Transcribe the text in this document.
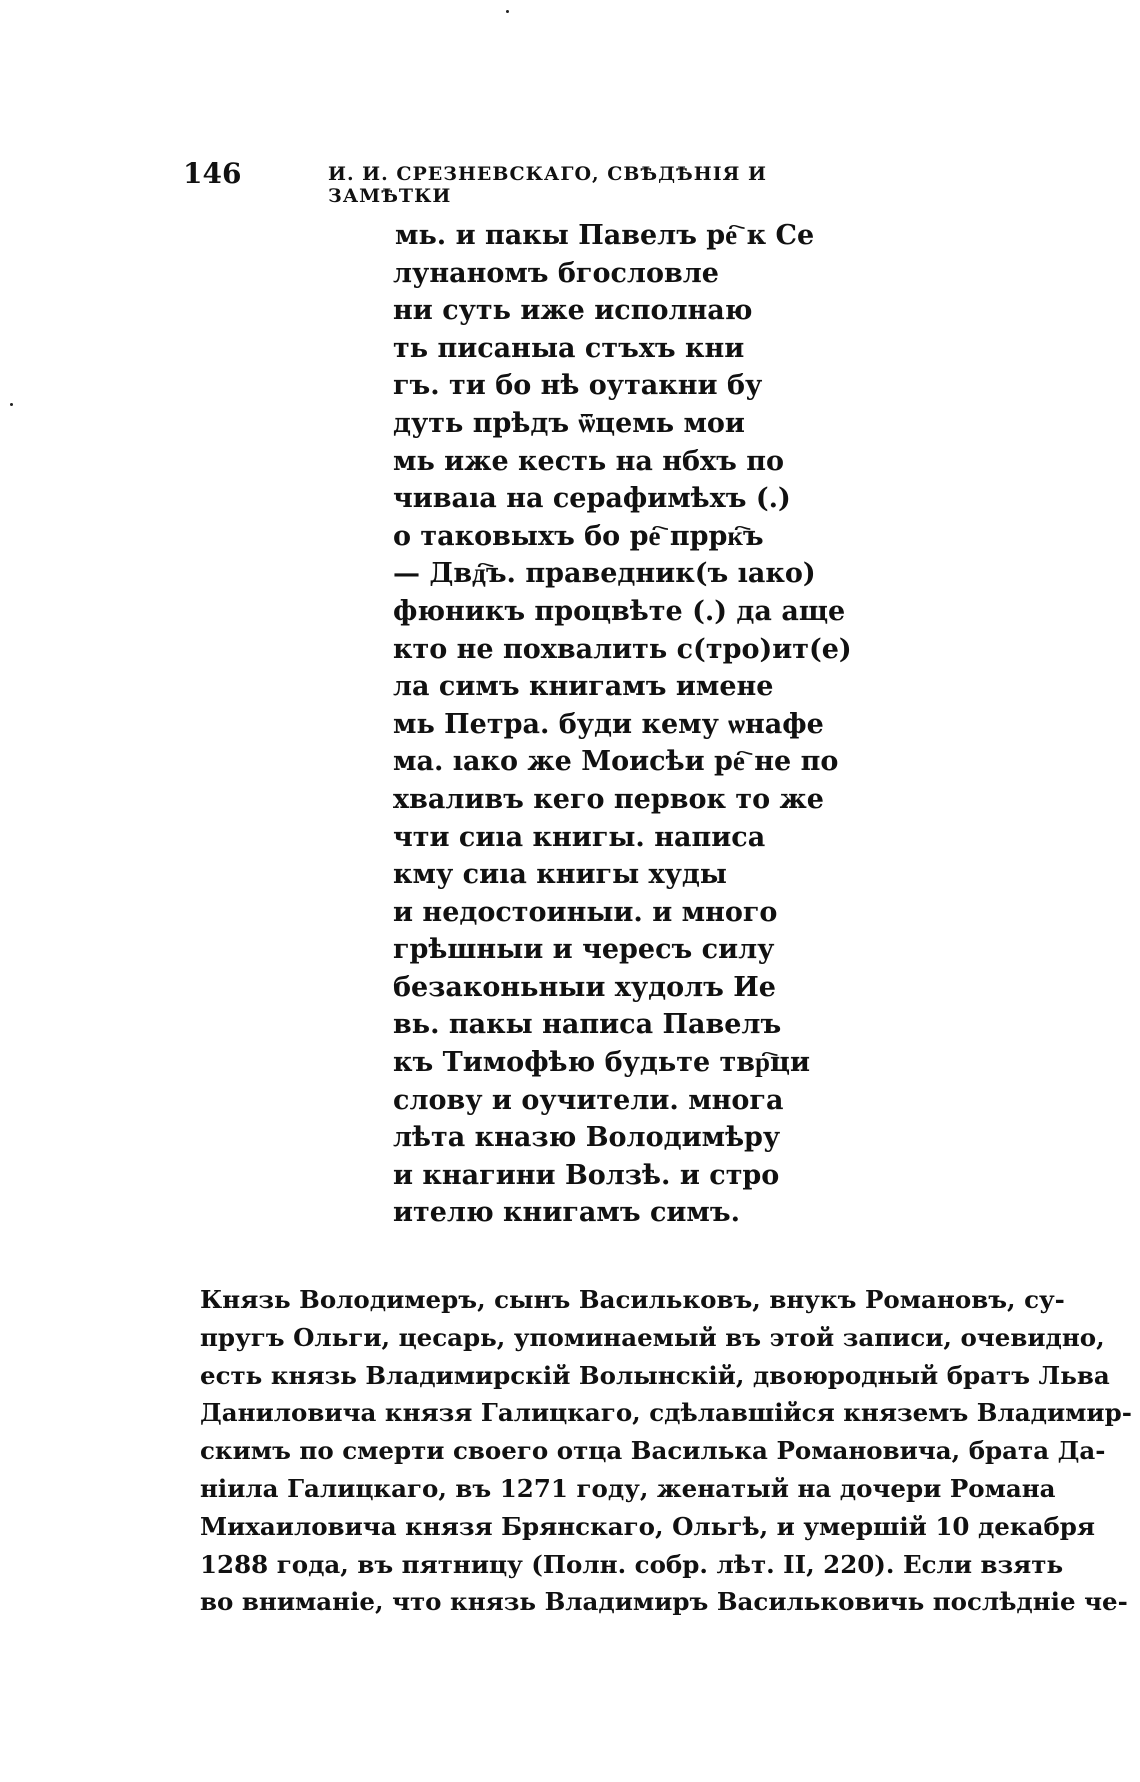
146	И. И. СРЕЗНЕВСКАГО, СВѢДѢНІЯ И ЗАМѢТКИ
мь. и пакы Павелъ ре҇ к Се
лунаномъ бгословле
ни суть иже исполнаю
ть писаныа стъхъ кни
гъ. ти бо нѣ оутакни бу
дуть прѣдъ ѿцемь мои
мь иже кесть на нбхъ по
чиваıа на серафимѣхъ (.)
о таковыхъ бо ре҇ пррк҇ъ
— Двд҇ъ. праведник(ъ ıако)
фюникъ процвѣте (.) да аще
кто не похвалить с(тро)ит(е)
ла симъ книгамъ имене
мь Петра. буди кему ѡнафе
ма. ıако же Моисѣи ре҇ не по
хваливъ кего первок то же
чти сиıа книгы. написа
кму сиıа книгы худы
и недостоиныи. и много
грѣшныи и чересъ силу
безаконьныи худолъ Ие
вь. пакы написа Павелъ
къ Тимофѣю будьте твр҇ци
слову и оучители. многа
лѣта кназю Володимѣру
и кнагини Волзѣ. и стро
ителю книгамъ симъ.
Князь Володимеръ, сынъ Васильковъ, внукъ Романовъ, су-
пругъ Ольги, цесарь, упоминаемый въ этой записи, очевидно,
есть князь Владимирскій Волынскій, двоюродный братъ Льва
Даниловича князя Галицкаго, сдѣлавшійся княземъ Владимир-
скимъ по смерти своего отца Василька Романовича, брата Да-
ніила Галицкаго, въ 1271 году, женатый на дочери Романа
Михаиловича князя Брянскаго, Ольгѣ, и умершій 10 декабря
1288 года, въ пятницу (Полн. собр. лѣт. II, 220). Если взять
во вниманіе, что князь Владимиръ Васильковичь послѣдніе че-
